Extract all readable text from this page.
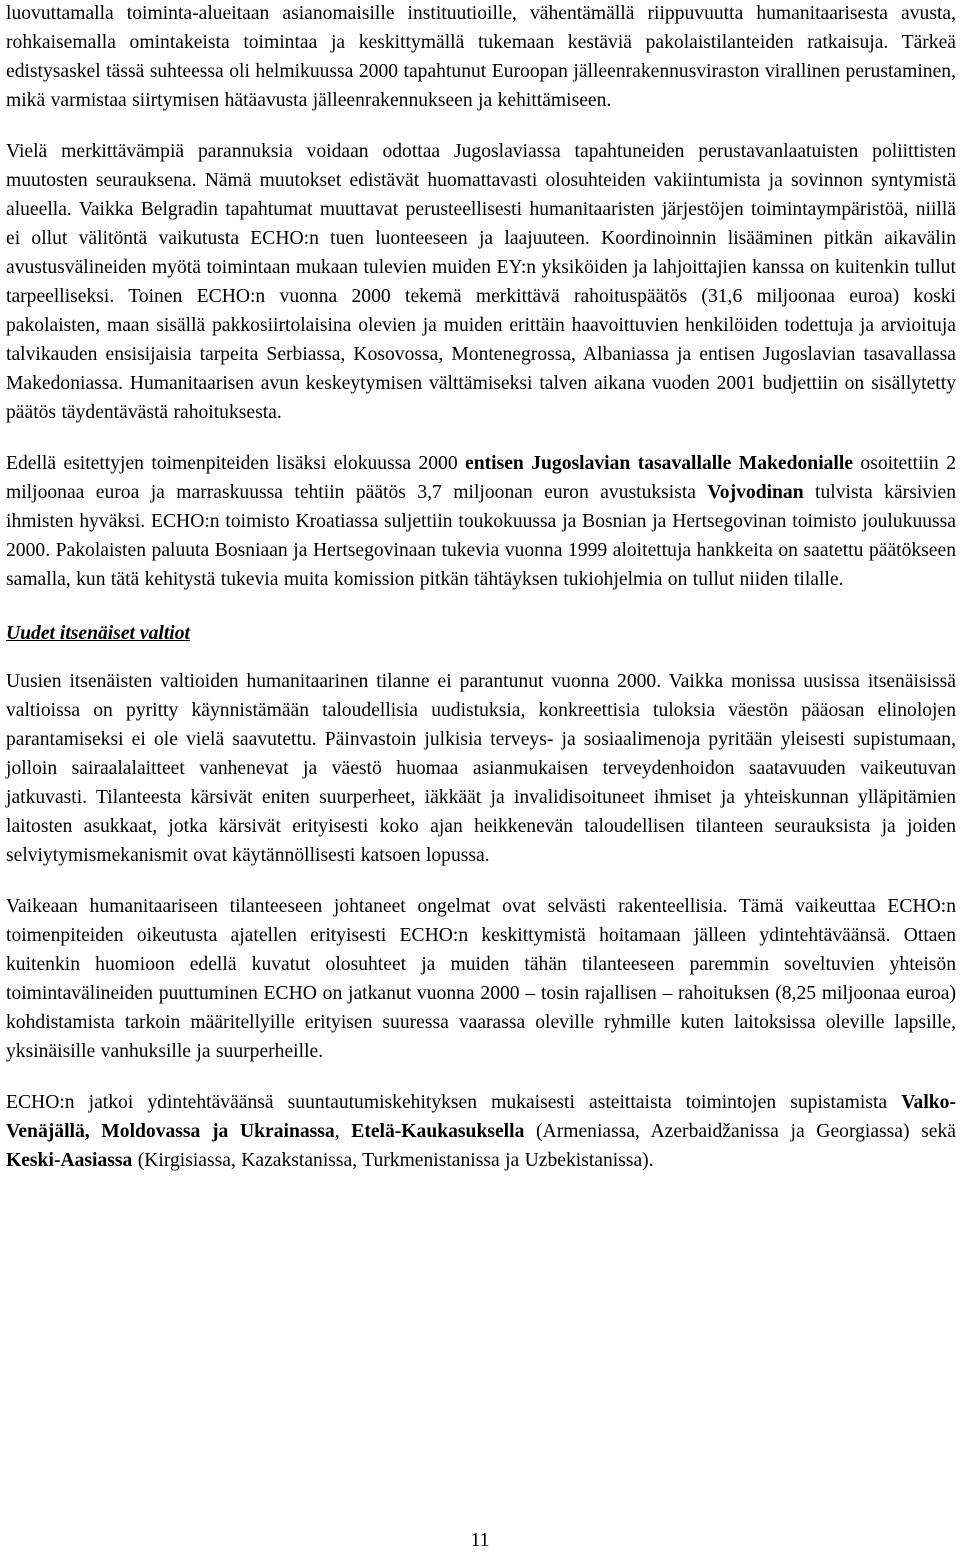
luovuttamalla toiminta-alueitaan asianomaisille instituutioille, vähentämällä riippuvuutta humanitaarisesta avusta, rohkaisemalla omintakeista toimintaa ja keskittymällä tukemaan kestäviä pakolaistilanteiden ratkaisuja. Tärkeä edistysaskel tässä suhteessa oli helmikuussa 2000 tapahtunut Euroopan jälleenrakennusviraston virallinen perustaminen, mikä varmistaa siirtymisen hätäavusta jälleenrakennukseen ja kehittämiseen.

Vielä merkittävämpiä parannuksia voidaan odottaa Jugoslaviassa tapahtuneiden perustavanlaatuisten poliittisten muutosten seurauksena. Nämä muutokset edistävät huomattavasti olosuhteiden vakiintumista ja sovinnon syntymistä alueella. Vaikka Belgradin tapahtumat muuttavat perusteellisesti humanitaaristen järjestöjen toimintaympäristöä, niillä ei ollut välitöntä vaikutusta ECHO:n tuen luonteeseen ja laajuuteen. Koordinoinnin lisääminen pitkän aikavälin avustusvälineiden myötä toimintaan mukaan tulevien muiden EY:n yksiköiden ja lahjoittajien kanssa on kuitenkin tullut tarpeelliseksi. Toinen ECHO:n vuonna 2000 tekemä merkittävä rahoituspäätös (31,6 miljoonaa euroa) koski pakolaisten, maan sisällä pakkosiirtolaisina olevien ja muiden erittäin haavoittuvien henkilöiden todettuja ja arvioituja talvikauden ensisijaisia tarpeita Serbiassa, Kosovossa, Montenegrossa, Albaniassa ja entisen Jugoslavian tasavallassa Makedoniassa. Humanitaarisen avun keskeytymisen välttämiseksi talven aikana vuoden 2001 budjettiin on sisällytetty päätös täydentävästä rahoituksesta.

Edellä esitettyjen toimenpiteiden lisäksi elokuussa 2000 entisen Jugoslavian tasavallalle Makedonialle osoitettiin 2 miljoonaa euroa ja marraskuussa tehtiin päätös 3,7 miljoonan euron avustuksista Vojvodinan tulvista kärsivien ihmisten hyväksi. ECHO:n toimisto Kroatiassa suljettiin toukokuussa ja Bosnian ja Hertsegovinan toimisto joulukuussa 2000. Pakolaisten paluuta Bosniaan ja Hertsegovinaan tukevia vuonna 1999 aloitettuja hankkeita on saatettu päätökseen samalla, kun tätä kehitystä tukevia muita komission pitkän tähtäyksen tukiohjelmia on tullut niiden tilalle.

Uudet itsenäiset valtiot

Uusien itsenäisten valtioiden humanitaarinen tilanne ei parantunut vuonna 2000. Vaikka monissa uusissa itsenäisissä valtioissa on pyritty käynnistämään taloudellisia uudistuksia, konkreettisia tuloksia väestön pääosan elinolojen parantamiseksi ei ole vielä saavutettu. Päinvastoin julkisia terveys- ja sosiaalimenoja pyritään yleisesti supistumaan, jolloin sairaalalaitteet vanhenevat ja väestö huomaa asianmukaisen terveydenhoidon saatavuuden vaikeutuvan jatkuvasti. Tilanteesta kärsivät eniten suurperheet, iäkkäät ja invalidisoituneet ihmiset ja yhteiskunnan ylläpitämien laitosten asukkaat, jotka kärsivät erityisesti koko ajan heikkenevän taloudellisen tilanteen seurauksista ja joiden selviytymismekanismit ovat käytännöllisesti katsoen lopussa.

Vaikeaan humanitaariseen tilanteeseen johtaneet ongelmat ovat selvästi rakenteellisia. Tämä vaikeuttaa ECHO:n toimenpiteiden oikeutusta ajatellen erityisesti ECHO:n keskittymistä hoitamaan jälleen ydintehtäväänsä. Ottaen kuitenkin huomioon edellä kuvatut olosuhteet ja muiden tähän tilanteeseen paremmin soveltuvien yhteisön toimintavälineiden puuttuminen ECHO on jatkanut vuonna 2000 – tosin rajallisen – rahoituksen (8,25 miljoonaa euroa) kohdistamista tarkoin määritellyille erityisen suuressa vaarassa oleville ryhmille kuten laitoksissa oleville lapsille, yksinäisille vanhuksille ja suurperheille.

ECHO:n jatkoi ydintehtäväänsä suuntautumiskehityksen mukaisesti asteittaista toimintojen supistamista Valko-Venäjällä, Moldovassa ja Ukrainassa, Etelä-Kaukasuksella (Armeniassa, Azerbaidžanissa ja Georgiassa) sekä Keski-Aasiassa (Kirgisiassa, Kazakstanissa, Turkmenistanissa ja Uzbekistanissa).

11
